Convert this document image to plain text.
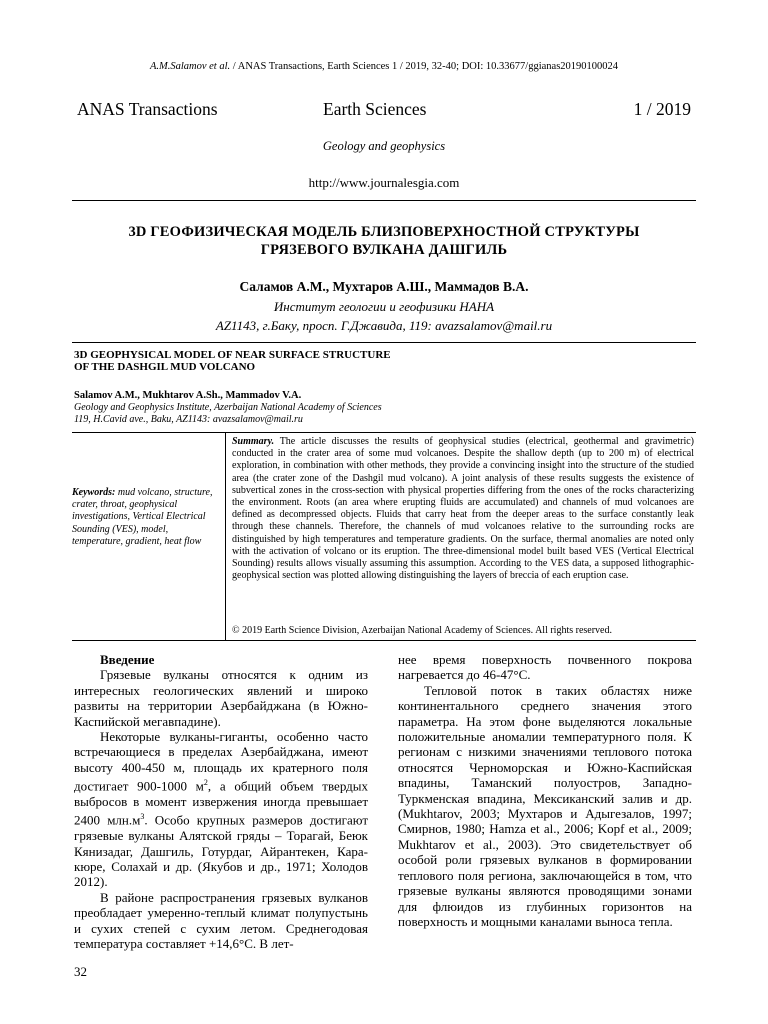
A.M.Salamov et al. / ANAS Transactions, Earth Sciences 1 / 2019, 32-40; DOI: 10.33677/ggianas20190100024
ANAS Transactions	Earth Sciences	1 / 2019
Geology and geophysics
http://www.journalesgia.com
3D ГЕОФИЗИЧЕСКАЯ МОДЕЛЬ БЛИЗПОВЕРХНОСТНОЙ СТРУКТУРЫ
ГРЯЗЕВОГО ВУЛКАНА ДАШГИЛЬ
Саламов А.М., Мухтаров А.Ш., Маммадов В.А.
Институт геологии и геофизики НАНА
AZ1143, г.Баку, просп. Г.Джавида, 119: avazsalamov@mail.ru
3D GEOPHYSICAL MODEL OF NEAR SURFACE STRUCTURE
OF THE DASHGIL MUD VOLCANO
Salamov A.M., Mukhtarov A.Sh., Mammadov V.A.
Geology and Geophysics Institute, Azerbaijan National Academy of Sciences
119, H.Cavid ave., Baku, AZ1143: avazsalamov@mail.ru
Keywords: mud volcano, structure, crater, throat, geophysical investigations, Vertical Electrical Sounding (VES), model, temperature, gradient, heat flow
Summary. The article discusses the results of geophysical studies (electrical, geothermal and gravimetric) conducted in the crater area of some mud volcanoes. Despite the shallow depth (up to 200 m) of electrical exploration, in combination with other methods, they provide a convincing insight into the structure of the studied area (the crater zone of the Dashgil mud volcano). A joint analysis of these results suggests the existence of subvertical zones in the cross-section with physical properties differing from the ones of the rocks characterizing the environment. Roots (an area where erupting fluids are accumulated) and channels of mud volcanoes are defined as decompressed objects. Fluids that carry heat from the deeper areas to the surface constantly leak through these channels. Therefore, the channels of mud volcanoes relative to the surrounding rocks are distinguished by high temperatures and temperature gradients. On the surface, thermal anomalies are noted only with the activation of volcano or its eruption. The three-dimensional model built based VES (Vertical Electrical Sounding) results allows visually assuming this assumption. According to the VES data, a supposed lithographic-geophysical section was plotted allowing distinguishing the layers of breccia of each eruption case.
© 2019 Earth Science Division, Azerbaijan National Academy of Sciences. All rights reserved.
Введение

Грязевые вулканы относятся к одним из интересных геологических явлений и широко развиты на территории Азербайджана (в Южно-Каспийской мегавпадине).

Некоторые вулканы-гиганты, особенно часто встречающиеся в пределах Азербайджана, имеют высоту 400-450 м, площадь их кратерного поля достигает 900-1000 $м^2$, а общий объем твердых выбросов в момент извержения иногда превышает 2400 $млн.м^3$. Особо крупных размеров достигают грязевые вулканы Алятской гряды – Торагай, Беюк Кянизадаг, Дашгиль, Готурдаг, Айрантекен, Кара-кюре, Солахай и др. (Якубов и др., 1971; Холодов 2012).

В районе распространения грязевых вулканов преобладает умеренно-теплый климат полупустынь и сухих степей с сухим летом. Среднегодовая температура составляет +14,6°С. В лет-

нее время поверхность почвенного покрова нагревается до 46-47°С.

Тепловой поток в таких областях ниже континентального среднего значения этого параметра. На этом фоне выделяются локальные положительные аномалии температурного поля. К регионам с низкими значениями теплового потока относятся Черноморская и Южно-Каспийская впадины, Таманский полуостров, Западно-Туркменская впадина, Мексиканский залив и др. (Mukhtarov, 2003; Мухтаров и Адыгезалов, 1997; Смирнов, 1980; Hamza et al., 2006; Kopf et al., 2009; Mukhtarov et al., 2003). Это свидетельствует об особой роли грязевых вулканов в формировании теплового поля региона, заключающейся в том, что грязевые вулканы являются проводящими зонами для флюидов из глубинных горизонтов на поверхность и мощными каналами выноса тепла.

32
